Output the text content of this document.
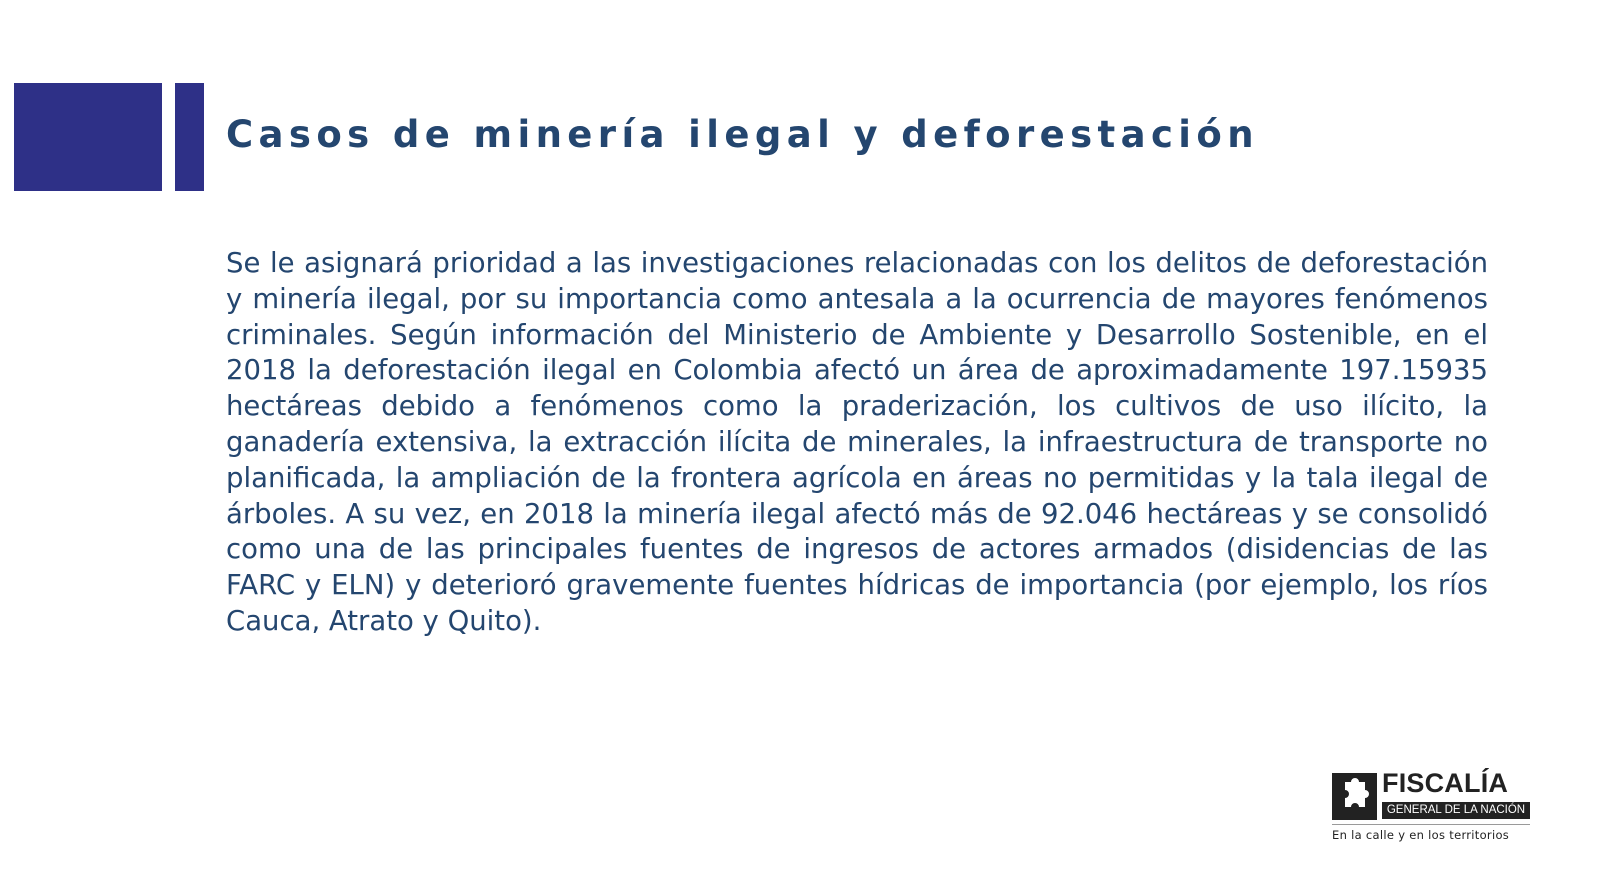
Casos de minería ilegal y deforestación

Se le asignará prioridad a las investigaciones relacionadas con los delitos de deforestación y minería ilegal, por su importancia como antesala a la ocurrencia de mayores fenómenos criminales. Según información del Ministerio de Ambiente y Desarrollo Sostenible, en el 2018 la deforestación ilegal en Colombia afectó un área de aproximadamente 197.15935 hectáreas debido a fenómenos como la praderización, los cultivos de uso ilícito, la ganadería extensiva, la extracción ilícita de minerales, la infraestructura de transporte no planificada, la ampliación de la frontera agrícola en áreas no permitidas y la tala ilegal de árboles. A su vez, en 2018 la minería ilegal afectó más de 92.046 hectáreas y se consolidó como una de las principales fuentes de ingresos de actores armados (disidencias de las FARC y ELN) y deterioró gravemente fuentes hídricas de importancia (por ejemplo, los ríos Cauca, Atrato y Quito).

FISCALÍA
GENERAL DE LA NACIÓN
En la calle y en los territorios
